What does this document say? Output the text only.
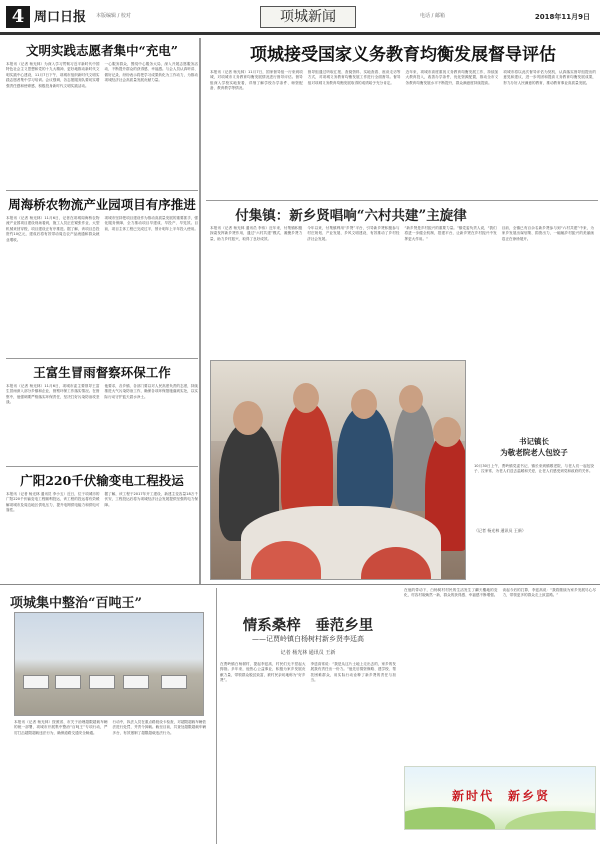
4 周口日报 本版编辑 / 校对	电话 / 邮箱
项城新闻	2018年11月9日
文明实践志愿者集中“充电”
本报讯（记者 杨光林）为深入学习贯彻习近平新时代中国特色社会主义思想和党的十九大精神，更好地推动新时代文明实践中心建设，11月7日下午，项城市组织新时代文明实践志愿者集中学习培训。会议强调，各志愿服务队要切实增强责任感和使命感，积极投身新时代文明实践活动。
一心服务群众，围绕中心服务大局，深入开展志愿服务活动，不断提升群众的获得感、幸福感。与会人员认真听讲、做好记录，纷纷表示将把学习成果转化为工作动力，为推动项城经济社会高质量发展贡献力量。
周海桥农物流产业园项目有序推进
本报讯（记者 杨光林）11月6日，记者在项城周海桥农物流产业园项目建设现场看到，施工人员正在紧张作业，大型机械来回穿梭，项目建设正有序推进。据了解，该项目总投资约10亿元，建成后将有效带动周边农产品流通和群众就业增收。
项城市坚持把项目建设作为推动高质量发展的重要抓手，强化服务保障，全力推动项目早建成、早投产、早见效。目前，项目主体工程已完成过半，预计明年上半年投入使用。
王富生冒雨督察环保工作
本报讯（记者 杨光林）11月6日，项城市委主要领导王富生冒雨深入部分乡镇和企业，督察环保工作落实情况。在督察中，他强调要严格落实环保责任，坚决打好污染防治攻坚战。
他要求，各乡镇、各部门要以对人民高度负责的态度，持续推进大气污染防治工作，确保各项环保措施落到实处，以实际行动守护蓝天碧水净土。
广阳220千伏输变电工程投运
本报讯（记者 杨光林 通讯员 李小五）近日，位于项城市的广阳220千伏输变电工程顺利投运，该工程的投运将有效缓解项城市及周边地区供电压力，提升电网供电能力和供电可靠性。
据了解，该工程于2017年开工建设，新建主变容量18万千伏安，工程投运后将为项城经济社会发展提供坚强的电力保障。
项城接受国家义务教育均衡发展督导评估
本报讯（记者 杨光林）11月7日，国家督导组一行来到项城，对项城市义务教育均衡发展情况进行督导评估。督导组深入学校实地查看，详细了解学校办学条件、师资配备、教育教学等情况。
督导组通过听取汇报、查阅资料、实地查看、座谈走访等方式，对项城义务教育均衡发展工作进行全面督导。督导组对项城义务教育均衡发展取得的成绩给予充分肯定。
近年来，项城市高度重视义务教育均衡发展工作，持续加大教育投入，改善办学条件，优化资源配置，推动全市义务教育均衡发展水平不断提升，群众满意度持续提高。
项城市将以此次督导评估为契机，认真落实督导组提出的意见和建议，进一步巩固和提高义务教育均衡发展成果，努力办好人民满意的教育，推动教育事业高质量发展。
付集镇：新乡贤唱响“六村共建”主旋律
本报讯（记者 杨光林 通讯员 李伟）近年来，付集镇积极探索发挥新乡贤作用，通过“六村共建”模式，凝聚乡贤力量，助力乡村振兴，取得了良好成效。
今年以来，付集镇利用“乡贤”平台，引导新乡贤积极参与村庄规划、产业发展、乡风文明建设，有效推动了乡村经济社会发展。
“新乡贤是乡村振兴的重要力量。”镇党委负责人说，“我们将进一步健全机制，搭建平台，让新乡贤在乡村振兴中发挥更大作用。”
目前，全镇已有百余名新乡贤参与到“六村共建”中来，为家乡发展出谋划策、捐资出力，一幅幅乡村振兴的美丽画卷正在徐徐展开。
书记镇长
为敬老院老人包饺子
10月30日上午，贾岭镇党委书记、镇长来到镇敬老院，与老人们一起包饺子、拉家常，为老人们送去温暖和关爱，让老人们感受到党和政府的关怀。
（记者 杨光林 通讯员 王新）
项城集中整治“百吨王”
本报讯（记者 杨光林）按照省、市关于治理超限超载车辆的统一部署，项城市开展集中整治“百吨王”专项行动，严厉打击超限超载违法行为，确保道路交通安全畅通。
行动中，执法人员在重点路段设卡检查，对超限超载车辆依法进行处罚，并责令卸载。截至目前，共查处超限超载车辆多台，有效遏制了超限超载违法行为。
情系桑梓　垂范乡里
——记贾岭镇白杨树村新乡贤李廷高
记者 杨光林 通讯员 王新
在贾岭镇白杨树村，提起李廷高，村民们无不竖起大拇指。多年来，他热心公益事业，积极为家乡发展贡献力量，带领群众脱贫致富，被村民亲切地称为“好乡贤”。
李廷高常说：“我是从这片土地上走出去的，家乡的发展我有责任出一份力。”他先后捐资修路、建学校、帮扶困难群众，用实际行动诠释了新乡贤的责任与担当。
在他的带动下，白杨树村村民的生活发生了翻天覆地的变化，村容村貌焕然一新，群众的获得感、幸福感不断增强。
谈起今后的打算，李廷高说：“我将继续为家乡发展尽心尽力，带领更多的群众走上致富路。”
新时代　新乡贤
